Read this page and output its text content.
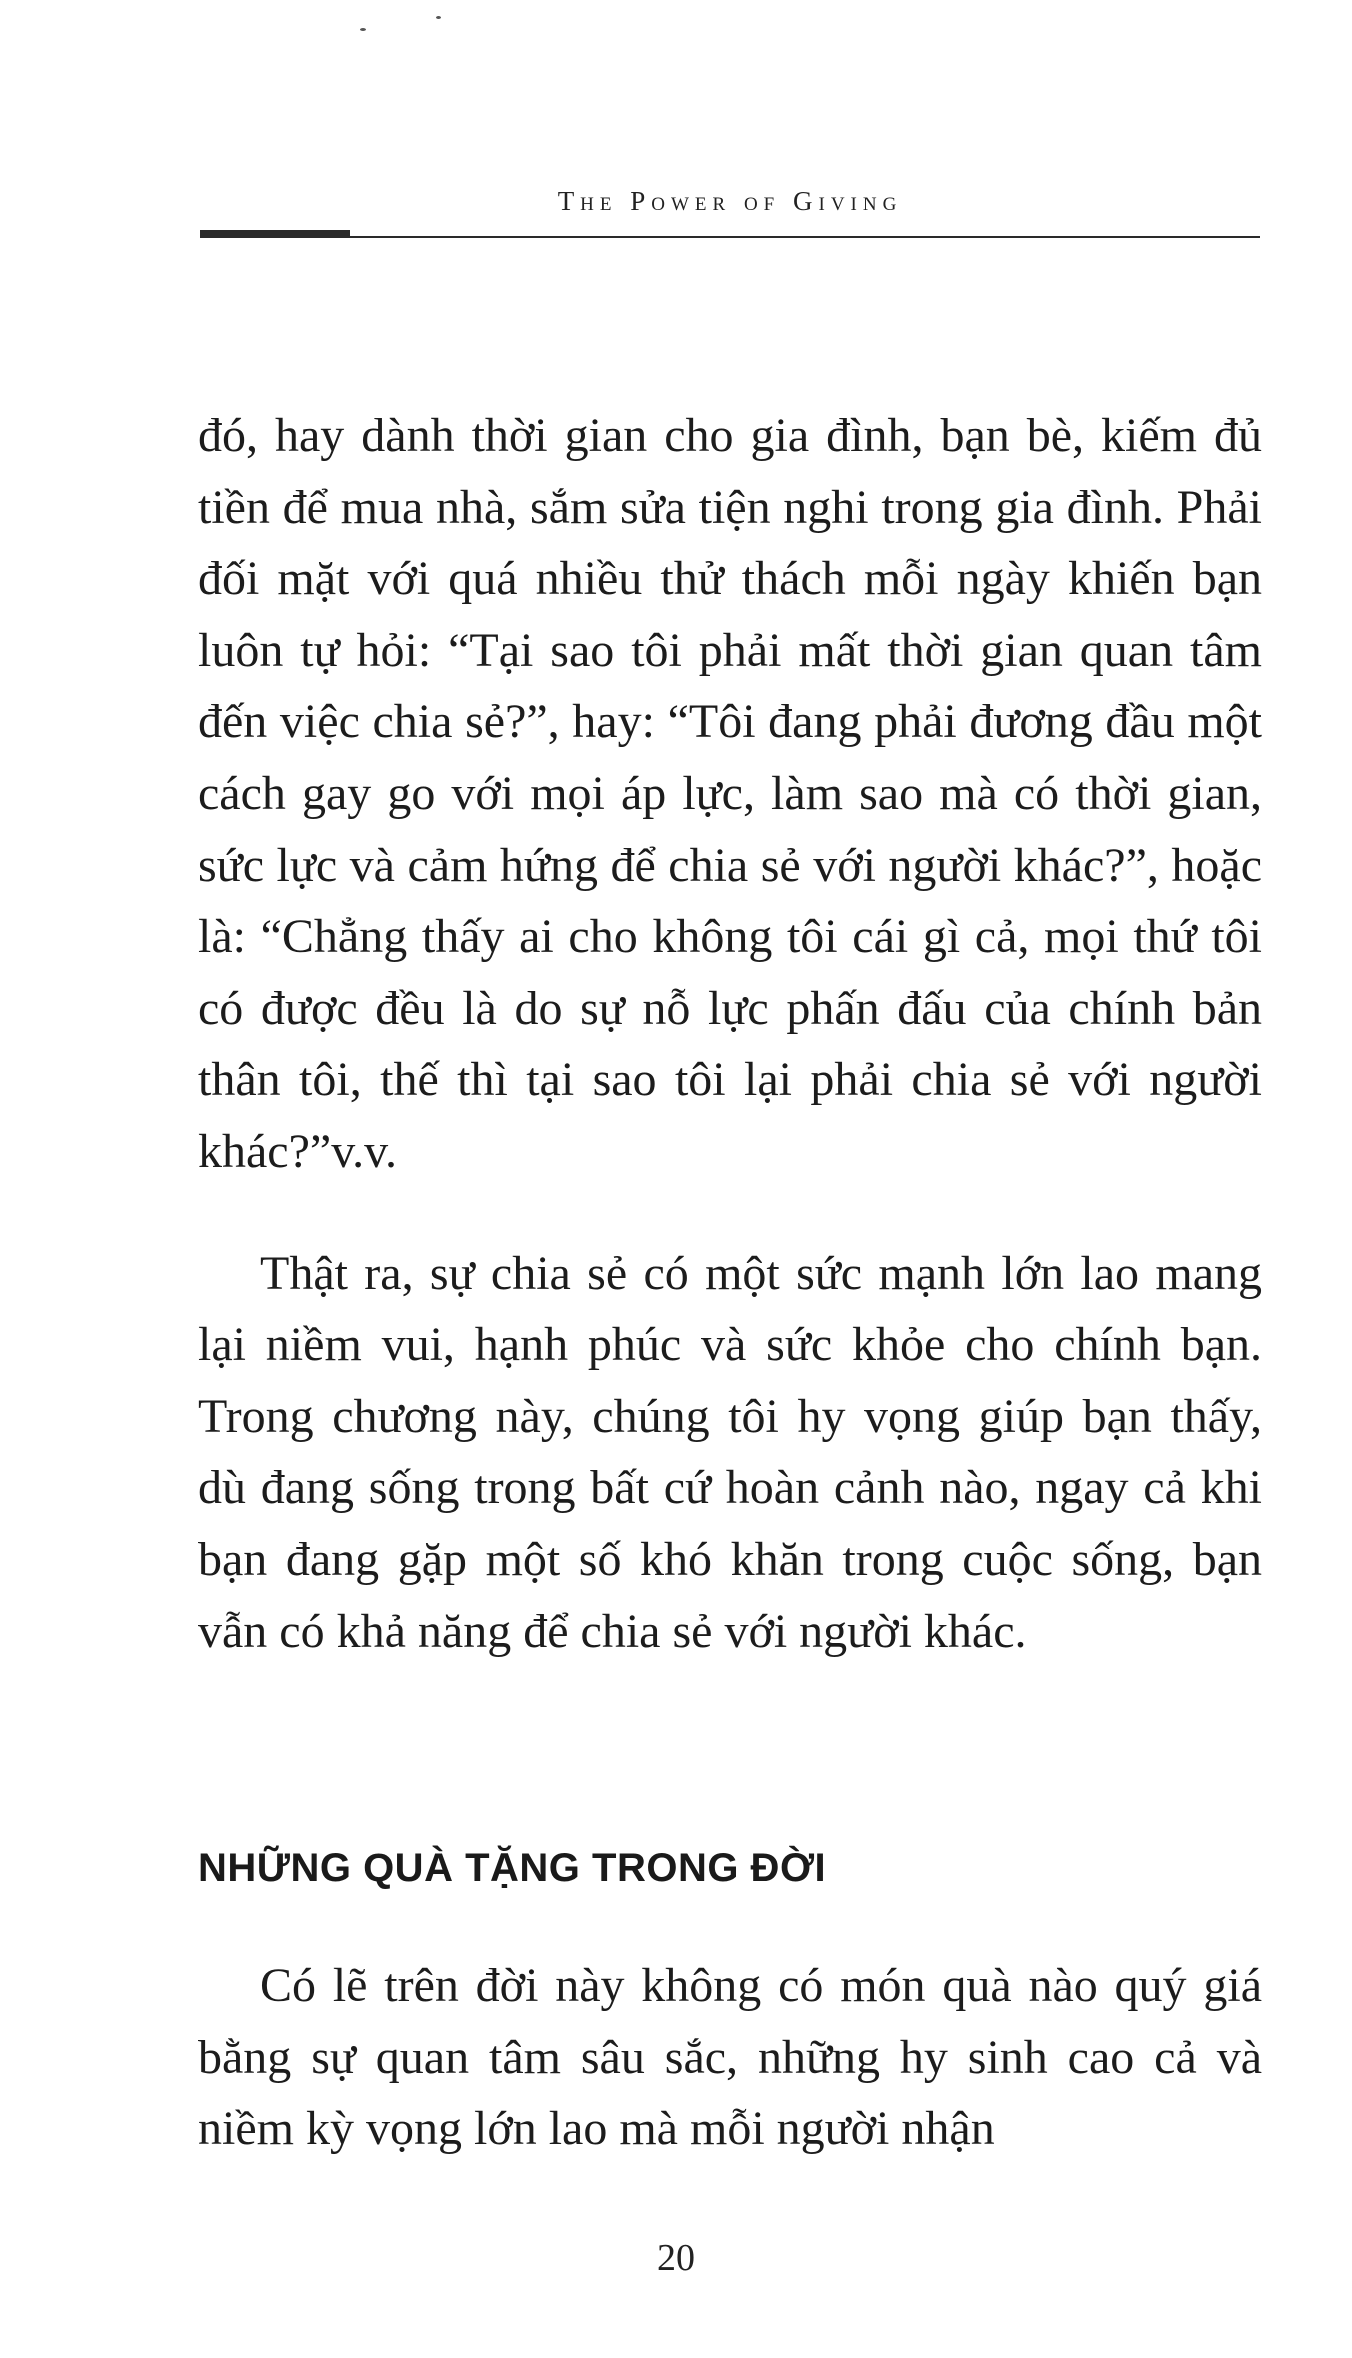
The Power of Giving

đó, hay dành thời gian cho gia đình, bạn bè, kiếm đủ tiền để mua nhà, sắm sửa tiện nghi trong gia đình. Phải đối mặt với quá nhiều thử thách mỗi ngày khiến bạn luôn tự hỏi: “Tại sao tôi phải mất thời gian quan tâm đến việc chia sẻ?”, hay: “Tôi đang phải đương đầu một cách gay go với mọi áp lực, làm sao mà có thời gian, sức lực và cảm hứng để chia sẻ với người khác?”, hoặc là: “Chẳng thấy ai cho không tôi cái gì cả, mọi thứ tôi có được đều là do sự nỗ lực phấn đấu của chính bản thân tôi, thế thì tại sao tôi lại phải chia sẻ với người khác?”v.v.

Thật ra, sự chia sẻ có một sức mạnh lớn lao mang lại niềm vui, hạnh phúc và sức khỏe cho chính bạn. Trong chương này, chúng tôi hy vọng giúp bạn thấy, dù đang sống trong bất cứ hoàn cảnh nào, ngay cả khi bạn đang gặp một số khó khăn trong cuộc sống, bạn vẫn có khả năng để chia sẻ với người khác.

NHỮNG QUÀ TẶNG TRONG ĐỜI

Có lẽ trên đời này không có món quà nào quý giá bằng sự quan tâm sâu sắc, những hy sinh cao cả và niềm kỳ vọng lớn lao mà mỗi người nhận

20
